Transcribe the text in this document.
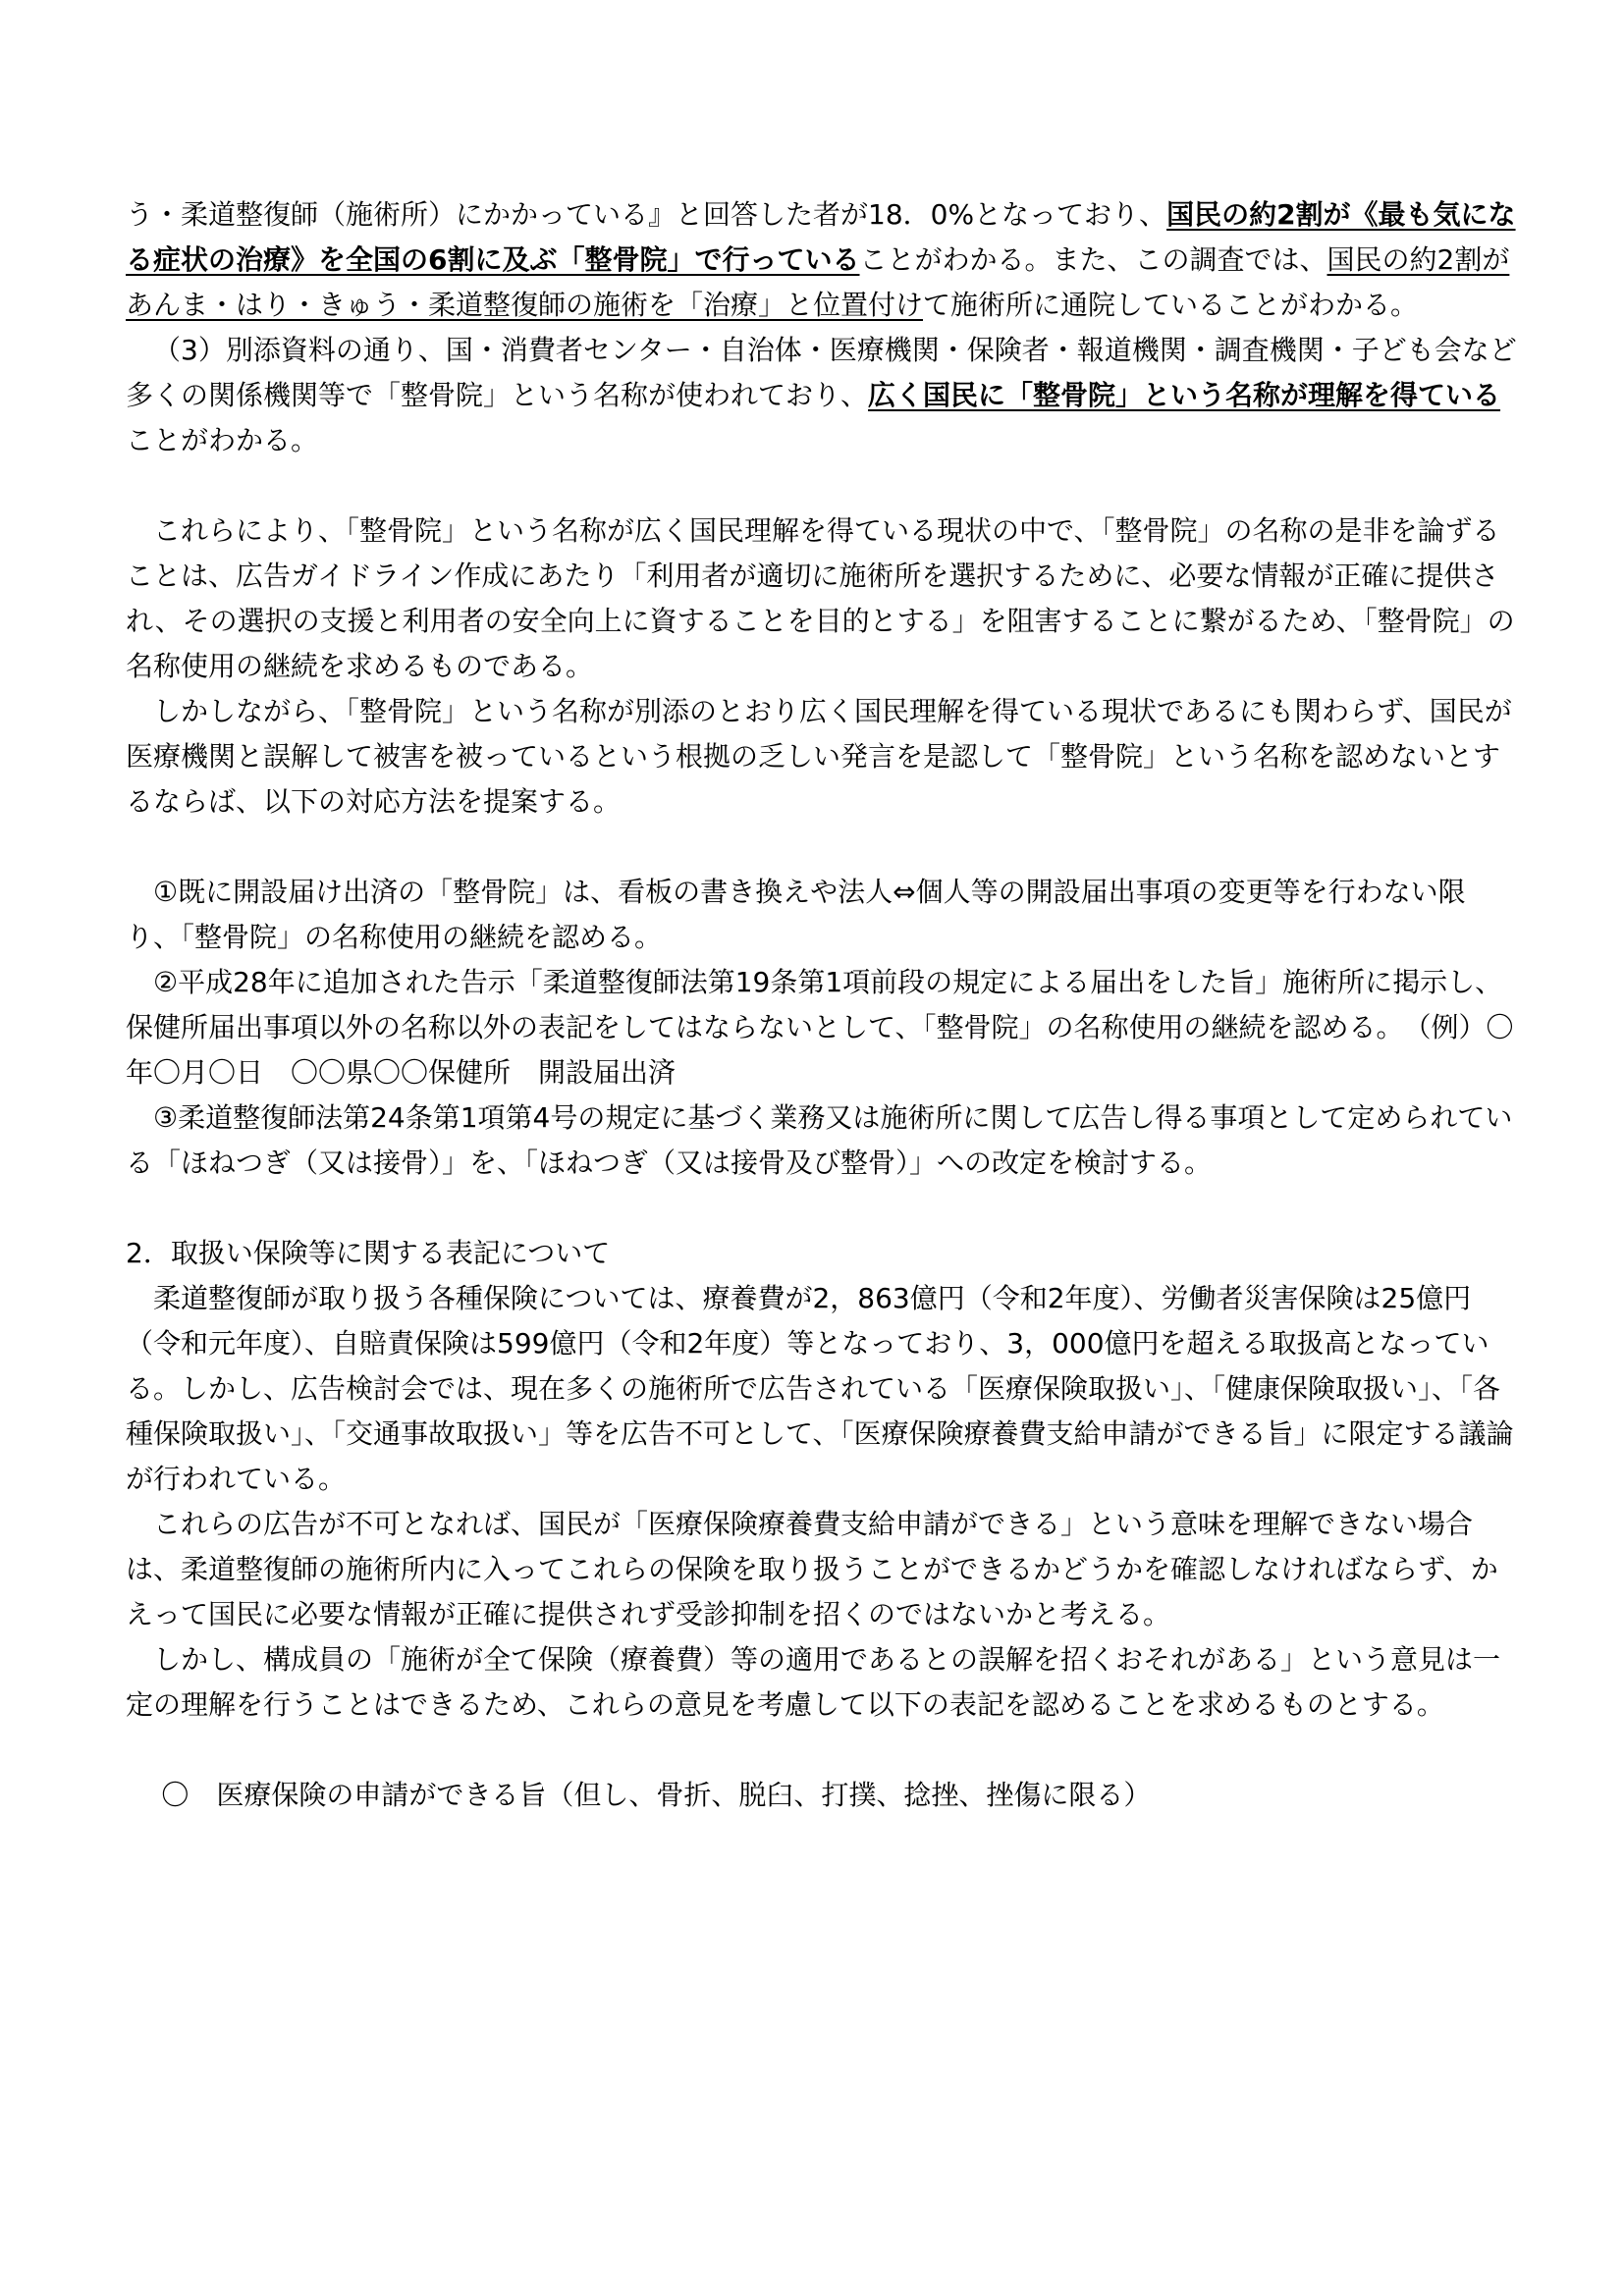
う・柔道整復師（施術所）にかかっている』と回答した者が18．0%となっており、国民の約2割が《最も気になる症状の治療》を全国の6割に及ぶ「整骨院」で行っていることがわかる。また、この調査では、国民の約2割があんま・はり・きゅう・柔道整復師の施術を「治療」と位置付けて施術所に通院していることがわかる。

（3）別添資料の通り、国・消費者センター・自治体・医療機関・保険者・報道機関・調査機関・子ども会など多くの関係機関等で「整骨院」という名称が使われており、広く国民に「整骨院」という名称が理解を得ていることがわかる。

これらにより、「整骨院」という名称が広く国民理解を得ている現状の中で、「整骨院」の名称の是非を論ずることは、広告ガイドライン作成にあたり「利用者が適切に施術所を選択するために、必要な情報が正確に提供され、その選択の支援と利用者の安全向上に資することを目的とする」を阻害することに繋がるため、「整骨院」の名称使用の継続を求めるものである。

しかしながら、「整骨院」という名称が別添のとおり広く国民理解を得ている現状であるにも関わらず、国民が医療機関と誤解して被害を被っているという根拠の乏しい発言を是認して「整骨院」という名称を認めないとするならば、以下の対応方法を提案する。

①既に開設届け出済の「整骨院」は、看板の書き換えや法人⇔個人等の開設届出事項の変更等を行わない限り、「整骨院」の名称使用の継続を認める。

②平成28年に追加された告示「柔道整復師法第19条第1項前段の規定による届出をした旨」施術所に掲示し、保健所届出事項以外の名称以外の表記をしてはならないとして、「整骨院」の名称使用の継続を認める。　（例）〇年〇月〇日　〇〇県〇〇保健所　開設届出済

③柔道整復師法第24条第1項第4号の規定に基づく業務又は施術所に関して広告し得る事項として定められている「ほねつぎ（又は接骨）」を、「ほねつぎ（又は接骨及び整骨）」への改定を検討する。

2．取扱い保険等に関する表記について

柔道整復師が取り扱う各種保険については、療養費が2，863億円（令和2年度）、労働者災害保険は25億円（令和元年度）、自賠責保険は599億円（令和2年度）等となっており、3，000億円を超える取扱高となっている。しかし、広告検討会では、現在多くの施術所で広告されている「医療保険取扱い」、「健康保険取扱い」、「各種保険取扱い」、「交通事故取扱い」等を広告不可として、「医療保険療養費支給申請ができる旨」に限定する議論が行われている。

これらの広告が不可となれば、国民が「医療保険療養費支給申請ができる」という意味を理解できない場合は、柔道整復師の施術所内に入ってこれらの保険を取り扱うことができるかどうかを確認しなければならず、かえって国民に必要な情報が正確に提供されず受診抑制を招くのではないかと考える。

しかし、構成員の「施術が全て保険（療養費）等の適用であるとの誤解を招くおそれがある」という意見は一定の理解を行うことはできるため、これらの意見を考慮して以下の表記を認めることを求めるものとする。

〇　医療保険の申請ができる旨（但し、骨折、脱臼、打撲、捻挫、挫傷に限る）
